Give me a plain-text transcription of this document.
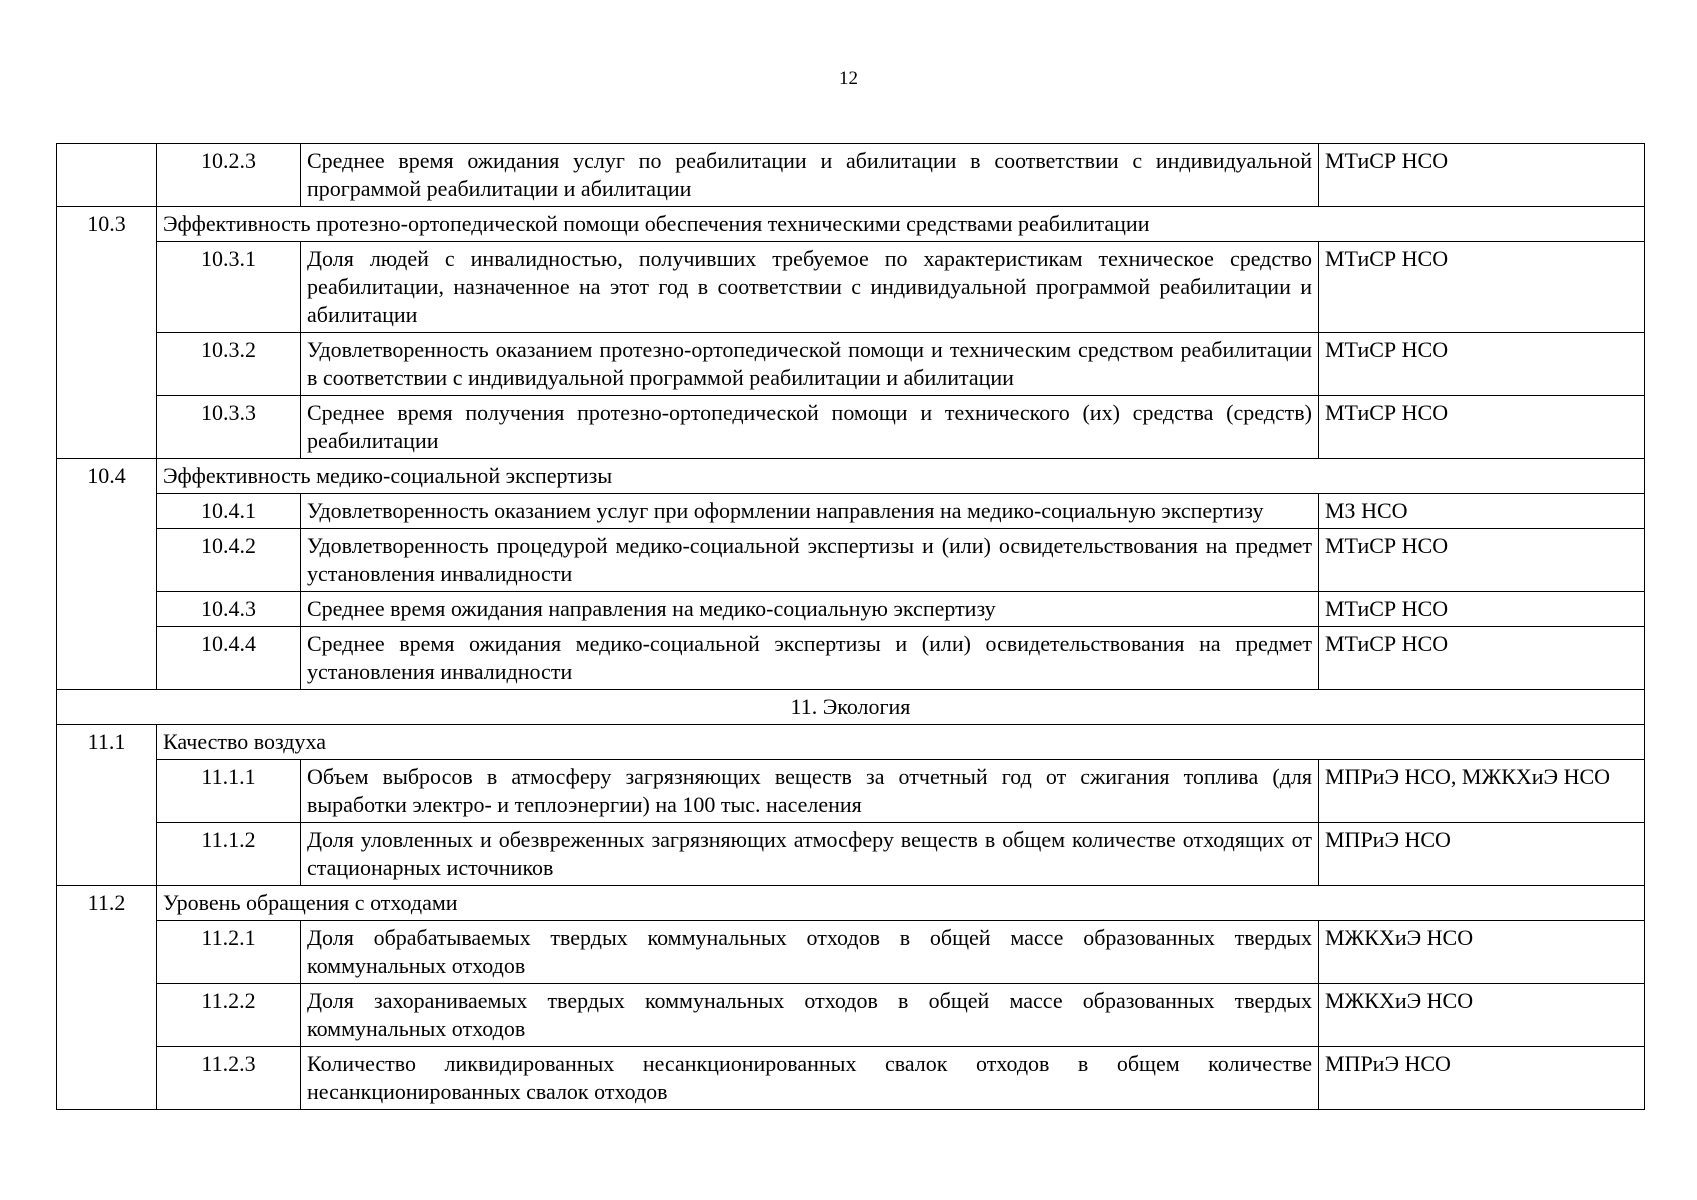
12
	10.2.3	Среднее время ожидания услуг по реабилитации и абилитации в соответствии с индивидуальной программой реабилитации и абилитации	МТиСР НСО
10.3	Эффективность протезно-ортопедической помощи обеспечения техническими средствами реабилитации		
	10.3.1	Доля людей с инвалидностью, получивших требуемое по характеристикам техническое средство реабилитации, назначенное на этот год в соответствии с индивидуальной программой реабилитации и абилитации	МТиСР НСО
	10.3.2	Удовлетворенность оказанием протезно-ортопедической помощи и техническим средством реабилитации в соответствии с индивидуальной программой реабилитации и абилитации	МТиСР НСО
	10.3.3	Среднее время получения протезно-ортопедической помощи и технического (их) средства (средств) реабилитации	МТиСР НСО
10.4	Эффективность медико-социальной экспертизы		
	10.4.1	Удовлетворенность оказанием услуг при оформлении направления на медико-социальную экспертизу	МЗ НСО
	10.4.2	Удовлетворенность процедурой медико-социальной экспертизы и (или) освидетельствования на предмет установления инвалидности	МТиСР НСО
	10.4.3	Среднее время ожидания направления на медико-социальную экспертизу	МТиСР НСО
	10.4.4	Среднее время ожидания медико-социальной экспертизы и (или) освидетельствования на предмет установления инвалидности	МТиСР НСО
11. Экология			
11.1	Качество воздуха		
	11.1.1	Объем выбросов в атмосферу загрязняющих веществ за отчетный год от сжигания топлива (для выработки электро- и теплоэнергии) на 100 тыс. населения	МПРиЭ НСО, МЖКХиЭ НСО
	11.1.2	Доля уловленных и обезвреженных загрязняющих атмосферу веществ в общем количестве отходящих от стационарных источников	МПРиЭ НСО
11.2	Уровень обращения с отходами		
	11.2.1	Доля обрабатываемых твердых коммунальных отходов в общей массе образованных твердых коммунальных отходов	МЖКХиЭ НСО
	11.2.2	Доля захораниваемых твердых коммунальных отходов в общей массе образованных твердых коммунальных отходов	МЖКХиЭ НСО
	11.2.3	Количество ликвидированных несанкционированных свалок отходов в общем количестве несанкционированных свалок отходов	МПРиЭ НСО
